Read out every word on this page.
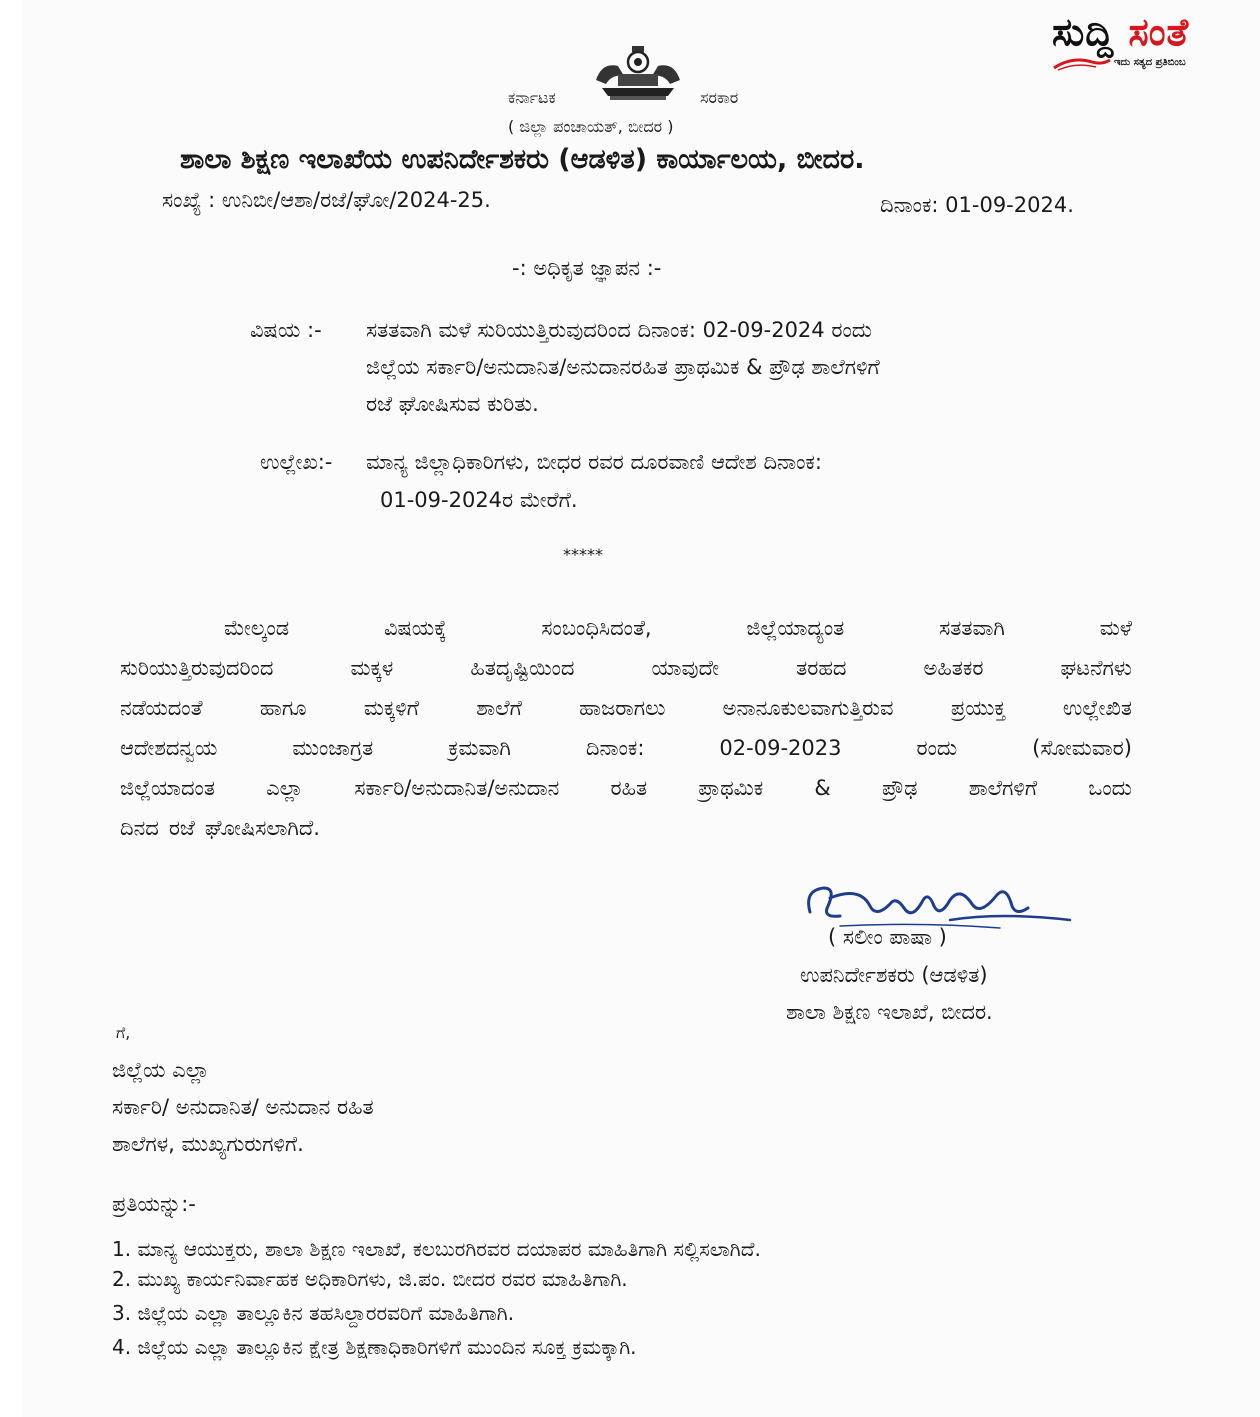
ಸುದ್ದಿ ಸಂತೆ
ಇದು ಸತ್ಯದ ಪ್ರತಿಬಿಂಬ
ಕರ್ನಾಟಕ	ಸರಕಾರ
( ಜಿಲ್ಲಾ ಪಂಚಾಯತ್, ಬೀದರ )
ಶಾಲಾ ಶಿಕ್ಷಣ ಇಲಾಖೆಯ ಉಪನಿರ್ದೇಶಕರು (ಆಡಳಿತ) ಕಾರ್ಯಾಲಯ, ಬೀದರ.
ಸಂಖ್ಯೆ : ಉನಿಬೀ/ಆಶಾ/ರಜೆ/ಘೋ/2024-25.	ದಿನಾಂಕ: 01-09-2024.
-: ಅಧಿಕೃತ ಜ್ಞಾಪನ :-
ವಿಷಯ :- ಸತತವಾಗಿ ಮಳೆ ಸುರಿಯುತ್ತಿರುವುದರಿಂದ ದಿನಾಂಕ: 02-09-2024 ರಂದು
ಜಿಲ್ಲೆಯ ಸರ್ಕಾರಿ/ಅನುದಾನಿತ/ಅನುದಾನರಹಿತ ಪ್ರಾಥಮಿಕ & ಪ್ರೌಢ ಶಾಲೆಗಳಿಗೆ
ರಜೆ ಘೋಷಿಸುವ ಕುರಿತು.
ಉಲ್ಲೇಖ:- ಮಾನ್ಯ ಜಿಲ್ಲಾಧಿಕಾರಿಗಳು, ಬೀಧರ ರವರ ದೂರವಾಣಿ ಆದೇಶ ದಿನಾಂಕ:
01-09-2024ರ ಮೇರೆಗೆ.
*****
ಮೇಲ್ಕಂಡ	ವಿಷಯಕ್ಕೆ	ಸಂಬಂಧಿಸಿದಂತೆ,	ಜಿಲ್ಲೆಯಾದ್ಯಂತ	ಸತತವಾಗಿ	ಮಳೆ
ಸುರಿಯುತ್ತಿರುವುದರಿಂದ	ಮಕ್ಕಳ	ಹಿತದೃಷ್ಟಿಯಿಂದ	ಯಾವುದೇ	ತರಹದ	ಅಹಿತಕರ	ಘಟನೆಗಳು
ನಡೆಯದಂತೆ	ಹಾಗೂ	ಮಕ್ಕಳಿಗೆ	ಶಾಲೆಗೆ	ಹಾಜರಾಗಲು	ಅನಾನೂಕುಲವಾಗುತ್ತಿರುವ	ಪ್ರಯುಕ್ತ	ಉಲ್ಲೇಖಿತ
ಆದೇಶದನ್ವಯ	ಮುಂಜಾಗ್ರತ	ಕ್ರಮವಾಗಿ	ದಿನಾಂಕ:	02-09-2023	ರಂದು	(ಸೋಮವಾರ)
ಜಿಲ್ಲೆಯಾದಂತ ಎಲ್ಲಾ ಸರ್ಕಾರಿ/ಅನುದಾನಿತ/ಅನುದಾನ ರಹಿತ ಪ್ರಾಥಮಿಕ & ಪ್ರೌಢ ಶಾಲೆಗಳಿಗೆ ಒಂದು
ದಿನದ ರಜೆ ಘೋಷಿಸಲಾಗಿದೆ.
( ಸಲೀಂ ಪಾಷಾ )
ಉಪನಿರ್ದೇಶಕರು (ಆಡಳಿತ)
ಶಾಲಾ ಶಿಕ್ಷಣ ಇಲಾಖೆ, ಬೀದರ.
ಗೆ,
ಜಿಲ್ಲೆಯ ಎಲ್ಲಾ
ಸರ್ಕಾರಿ/ ಅನುದಾನಿತ/ ಅನುದಾನ ರಹಿತ
ಶಾಲೆಗಳ, ಮುಖ್ಯಗುರುಗಳಿಗೆ.
ಪ್ರತಿಯನ್ನು:-
1. ಮಾನ್ಯ ಆಯುಕ್ತರು, ಶಾಲಾ ಶಿಕ್ಷಣ ಇಲಾಖೆ, ಕಲಬುರಗಿರವರ ದಯಾಪರ ಮಾಹಿತಿಗಾಗಿ ಸಲ್ಲಿಸಲಾಗಿದೆ.
2. ಮುಖ್ಯ ಕಾರ್ಯನಿರ್ವಾಹಕ ಅಧಿಕಾರಿಗಳು, ಜಿ.ಪಂ. ಬೀದರ ರವರ ಮಾಹಿತಿಗಾಗಿ.
3. ಜಿಲ್ಲೆಯ ಎಲ್ಲಾ ತಾಲ್ಲೂಕಿನ ತಹಸಿಲ್ದಾರರವರಿಗೆ ಮಾಹಿತಿಗಾಗಿ.
4. ಜಿಲ್ಲೆಯ ಎಲ್ಲಾ ತಾಲ್ಲೂಕಿನ ಕ್ಷೇತ್ರ ಶಿಕ್ಷಣಾಧಿಕಾರಿಗಳಿಗೆ ಮುಂದಿನ ಸೂಕ್ತ ಕ್ರಮಕ್ಕಾಗಿ.
